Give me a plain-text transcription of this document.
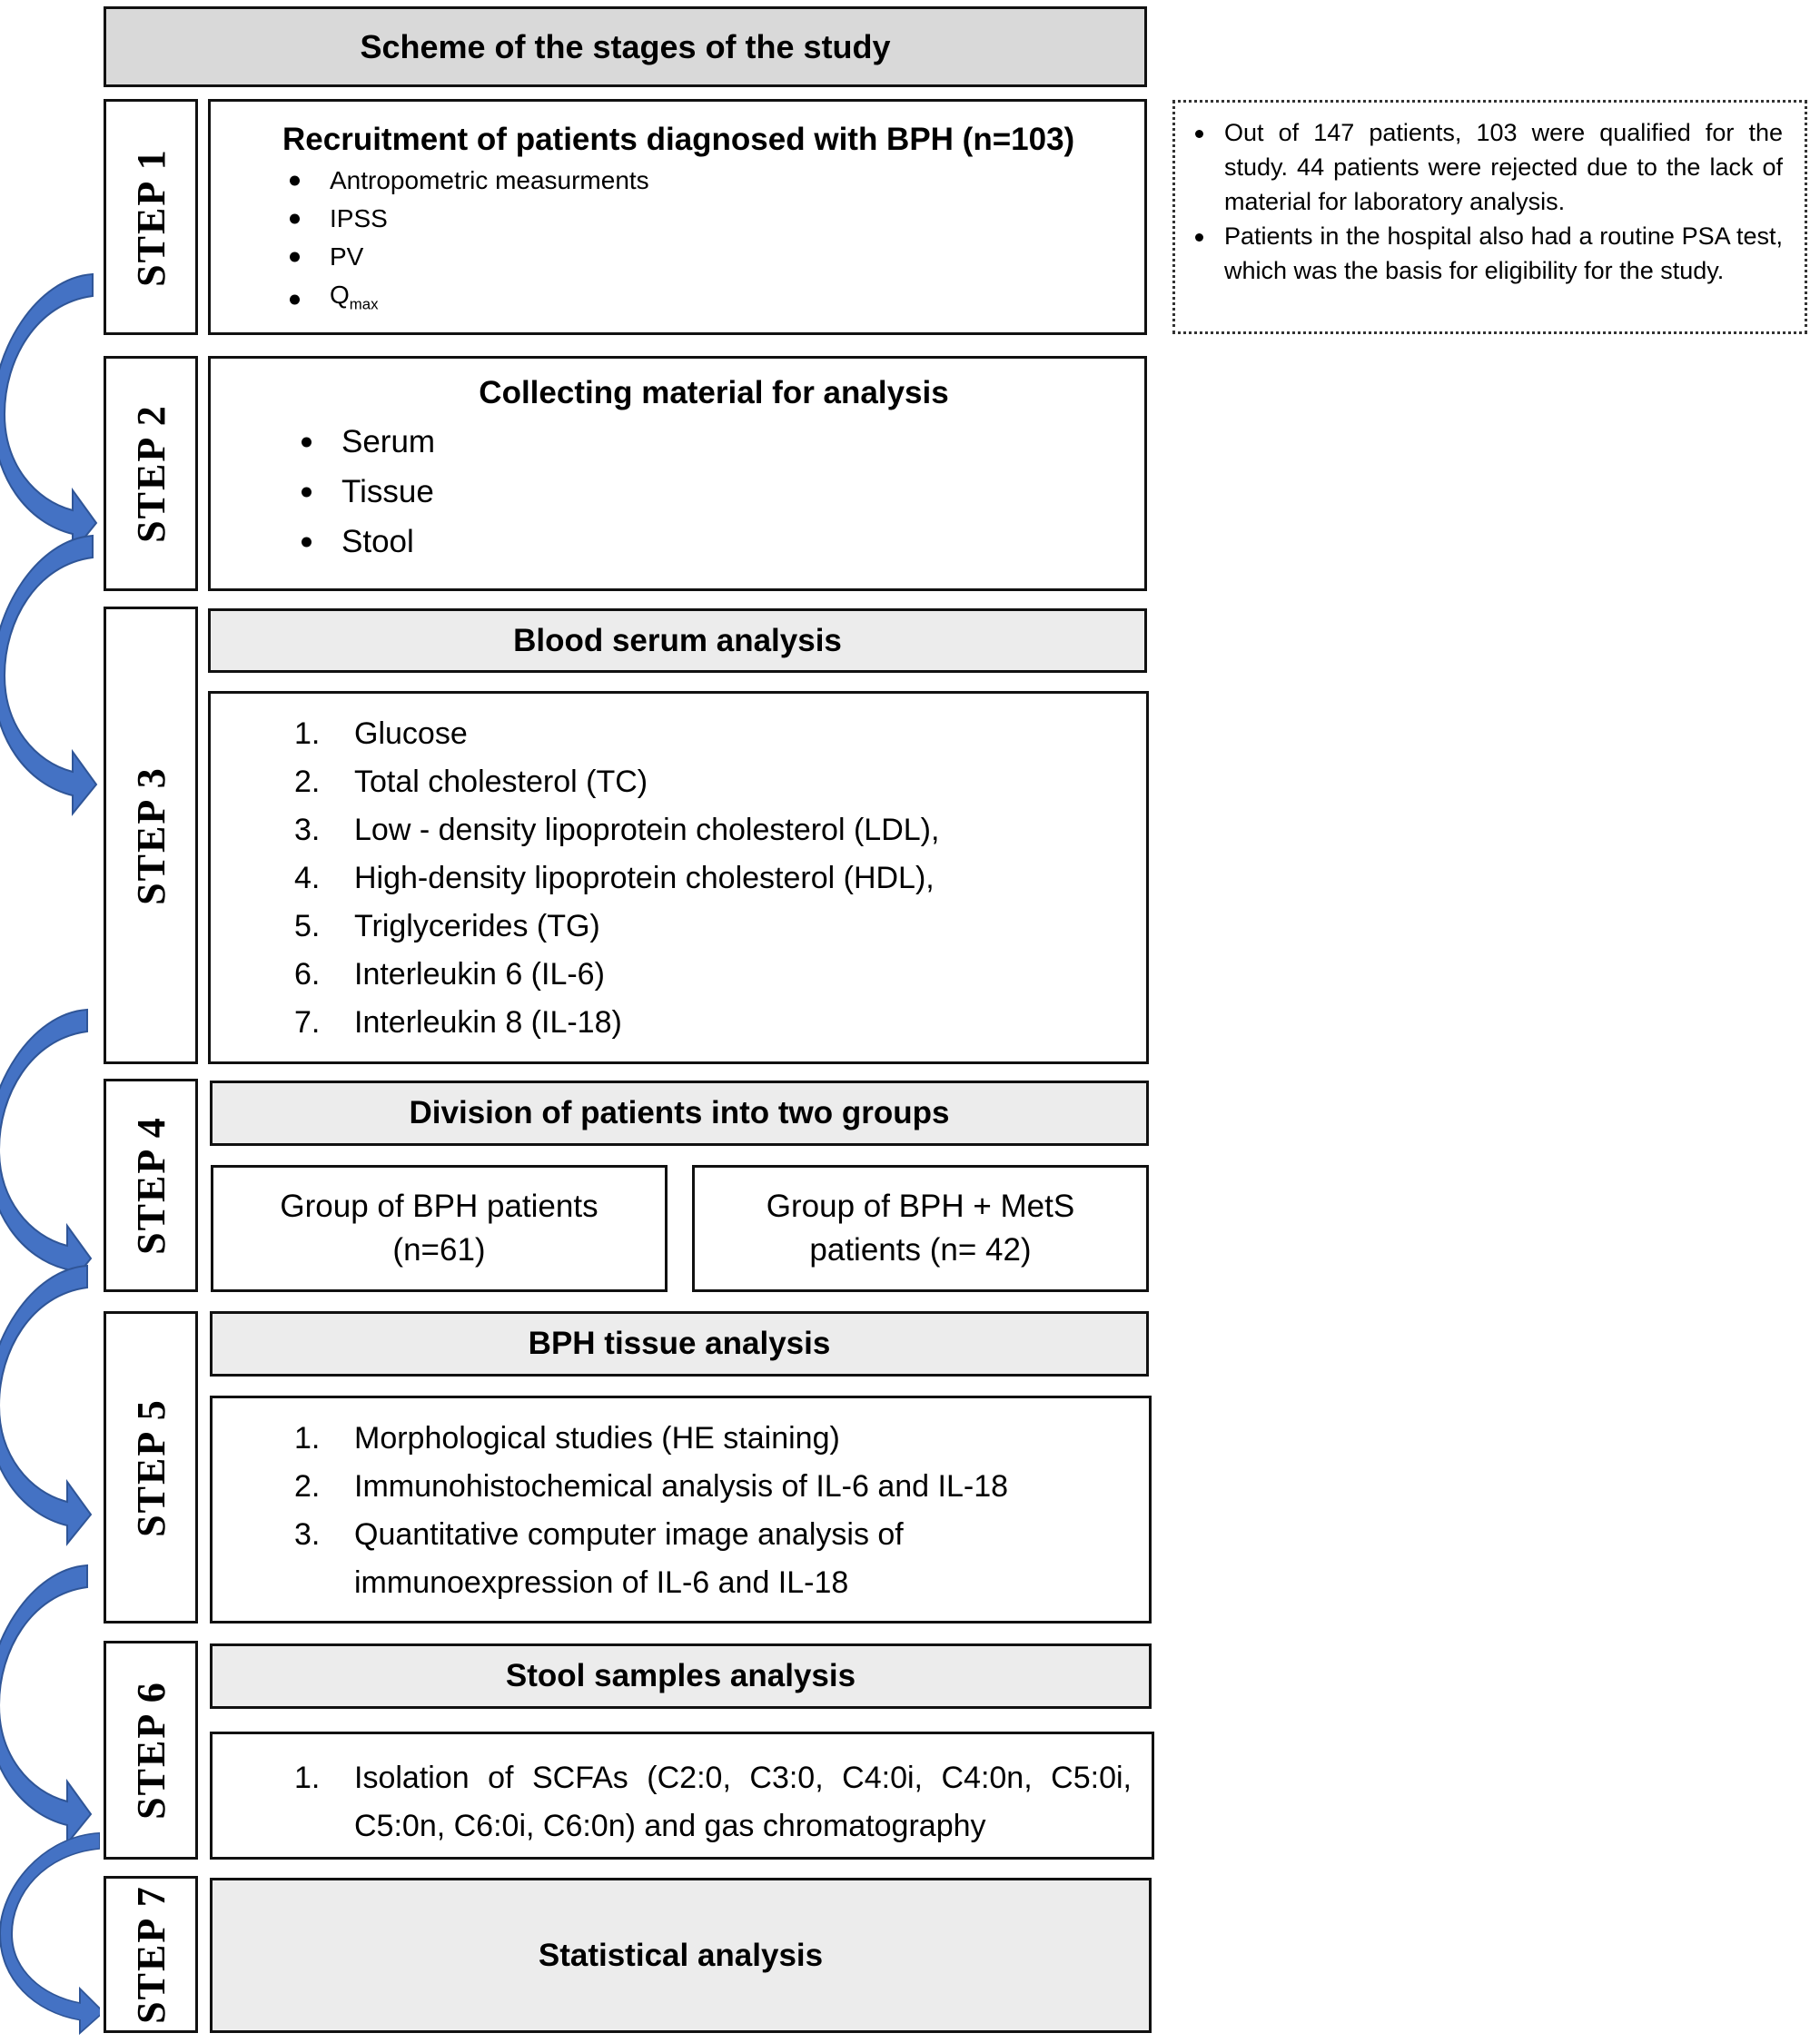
Scheme of the stages of the study
STEP 1
Recruitment of patients diagnosed with BPH (n=103)
Antropometric measurments
IPSS
PV
$Q_{max}$
STEP 2
Collecting material for analysis
Serum
Tissue
Stool
STEP 3
Blood serum analysis
1.	Glucose
2.	Total cholesterol (TC)
3.	Low - density lipoprotein cholesterol (LDL),
4.	High-density lipoprotein cholesterol (HDL),
5.	Triglycerides (TG)
6.	Interleukin 6 (IL-6)
7.	Interleukin 8 (IL-18)
STEP 4
Division of patients into two groups
Group of BPH patients
(n=61)
Group of BPH + MetS
patients (n= 42)
STEP 5
BPH tissue analysis
1.	Morphological studies (HE staining)
2.	Immunohistochemical analysis of IL-6 and IL-18
3.	Quantitative computer image analysis of immunoexpression of IL-6 and IL-18
STEP 6
Stool samples analysis
1.	Isolation of SCFAs (C2:0, C3:0, C4:0i, C4:0n, C5:0i, C5:0n, C6:0i, C6:0n) and gas chromatography
STEP 7	Statistical analysis
Out of 147 patients, 103 were qualified for the study. 44 patients were rejected due to the lack of material for laboratory analysis.
Patients in the hospital also had a routine PSA test, which was the basis for eligibility for the study.
